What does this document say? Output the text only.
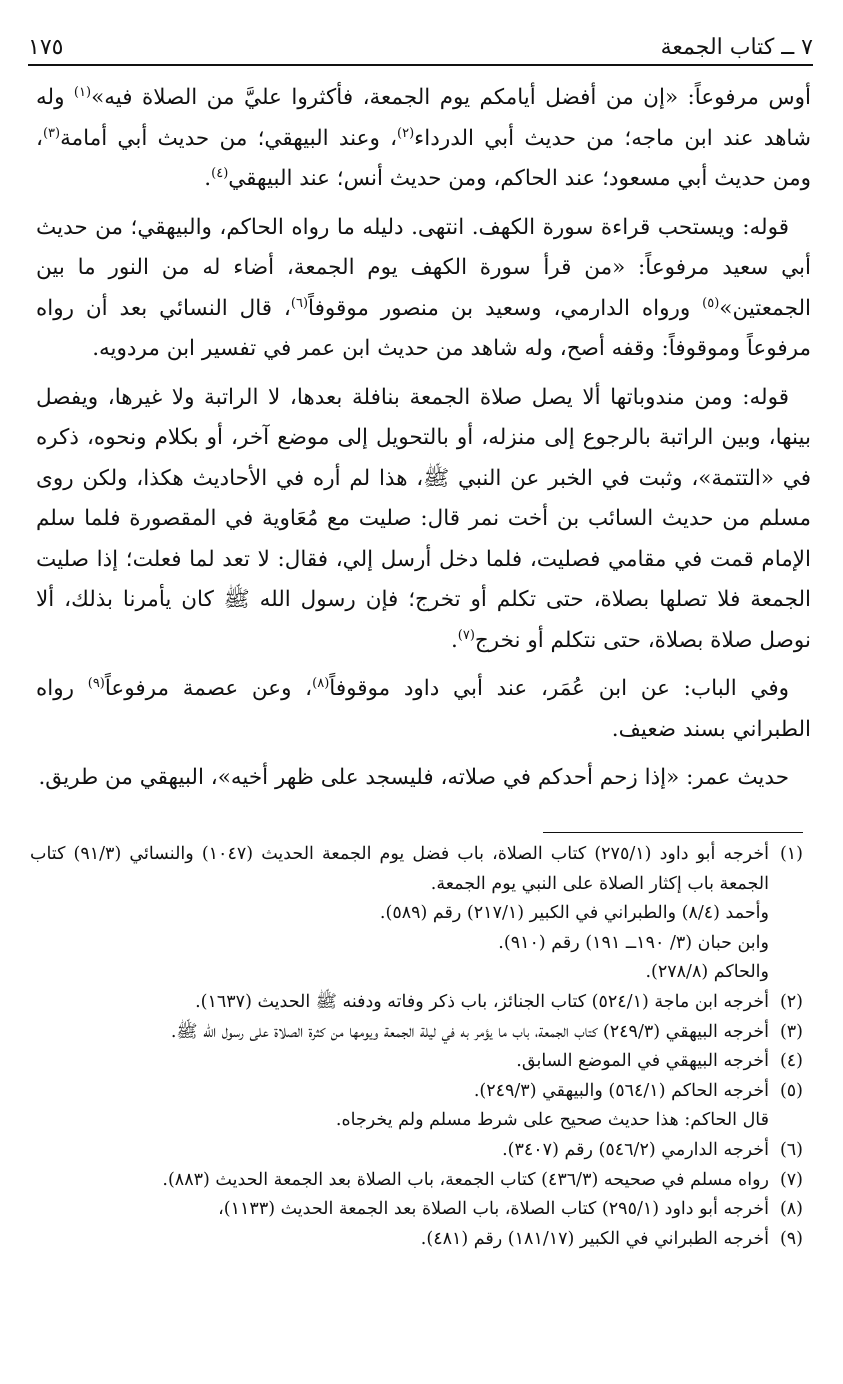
٧ ــ كتاب الجمعة
١٧٥

أوس مرفوعاً: «إن من أفضل أيامكم يوم الجمعة، فأكثروا عليَّ من الصلاة فيه»$^{(١)}$ وله شاهد عند ابن ماجه؛ من حديث أبي الدرداء$^{(٢)}$، وعند البيهقي؛ من حديث أبي أمامة$^{(٣)}$، ومن حديث أبي مسعود؛ عند الحاكم، ومن حديث أنس؛ عند البيهقي$^{(٤)}$.

قوله: ويستحب قراءة سورة الكهف. انتهى. دليله ما رواه الحاكم، والبيهقي؛ من حديث أبي سعيد مرفوعاً: «من قرأ سورة الكهف يوم الجمعة، أضاء له من النور ما بين الجمعتين»$^{(٥)}$ ورواه الدارمي، وسعيد بن منصور موقوفاً$^{(٦)}$، قال النسائي بعد أن رواه مرفوعاً وموقوفاً: وقفه أصح، وله شاهد من حديث ابن عمر في تفسير ابن مردويه.

قوله: ومن مندوباتها ألا يصل صلاة الجمعة بنافلة بعدها، لا الراتبة ولا غيرها، ويفصل بينها، وبين الراتبة بالرجوع إلى منزله، أو بالتحويل إلى موضع آخر، أو بكلام ونحوه، ذكره في «التتمة»، وثبت في الخبر عن النبي ﷺ، هذا لم أره في الأحاديث هكذا، ولكن روى مسلم من حديث السائب بن أخت نمر قال: صليت مع مُعَاوية في المقصورة فلما سلم الإمام قمت في مقامي فصليت، فلما دخل أرسل إلي، فقال: لا تعد لما فعلت؛ إذا صليت الجمعة فلا تصلها بصلاة، حتى تكلم أو تخرج؛ فإن رسول الله ﷺ كان يأمرنا بذلك، ألا نوصل صلاة بصلاة، حتى نتكلم أو نخرج$^{(٧)}$.

وفي الباب: عن ابن عُمَر، عند أبي داود موقوفاً$^{(٨)}$، وعن عصمة مرفوعاً$^{(٩)}$ رواه الطبراني بسند ضعيف.

حديث عمر: «إذا زحم أحدكم في صلاته، فليسجد على ظهر أخيه»، البيهقي من طريق.

(١)
أخرجه أبو داود (٢٧٥/١) كتاب الصلاة، باب فضل يوم الجمعة الحديث (١٠٤٧) والنسائي (٩١/٣) كتاب الجمعة باب إكثار الصلاة على النبي يوم الجمعة.

وأحمد (٨/٤) والطبراني في الكبير (٢١٧/١) رقم (٥٨٩).

وابن حبان (٣/ ١٩٠ــ ١٩١) رقم (٩١٠).

والحاكم (٢٧٨/٨).

(٢)
أخرجه ابن ماجة (٥٢٤/١) كتاب الجنائز، باب ذكر وفاته ودفنه ﷺ الحديث (١٦٣٧).

(٣)
أخرجه البيهقي (٢٤٩/٣) كتاب الجمعة، باب ما يؤمر به في ليلة الجمعة ويومها من كثرة الصلاة على رسول الله ﷺ.

(٤)
أخرجه البيهقي في الموضع السابق.

(٥)
أخرجه الحاكم (٥٦٤/١) والبيهقي (٢٤٩/٣).

قال الحاكم: هذا حديث صحيح على شرط مسلم ولم يخرجاه.

(٦)
أخرجه الدارمي (٥٤٦/٢) رقم (٣٤٠٧).

(٧)
رواه مسلم في صحيحه (٤٣٦/٣) كتاب الجمعة، باب الصلاة بعد الجمعة الحديث (٨٨٣).

(٨)
أخرجه أبو داود (٢٩٥/١) كتاب الصلاة، باب الصلاة بعد الجمعة الحديث (١١٣٣)،

(٩)
أخرجه الطبراني في الكبير (١٨١/١٧) رقم (٤٨١).
